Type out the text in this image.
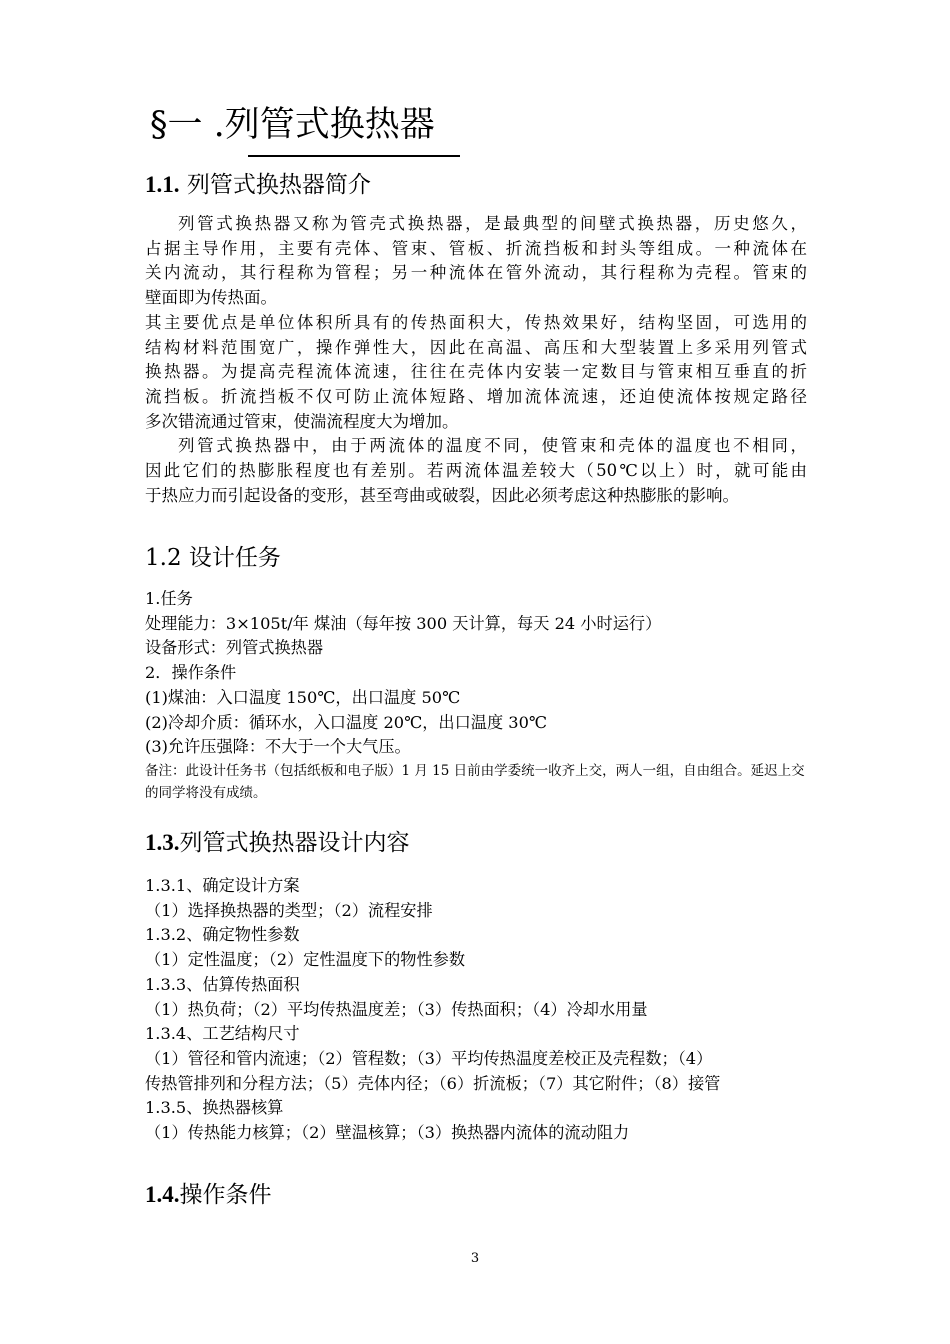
§一 .列管式换热器
1.1. 列管式换热器简介

列管式换热器又称为管壳式换热器，是最典型的间壁式换热器，历史悠久，

占据主导作用，主要有壳体、管束、管板、折流挡板和封头等组成。一种流体在

关内流动，其行程称为管程；另一种流体在管外流动，其行程称为壳程。管束的

壁面即为传热面。

其主要优点是单位体积所具有的传热面积大，传热效果好，结构坚固，可选用的

结构材料范围宽广，操作弹性大，因此在高温、高压和大型装置上多采用列管式

换热器。为提高壳程流体流速，往往在壳体内安装一定数目与管束相互垂直的折

流挡板。折流挡板不仅可防止流体短路、增加流体流速，还迫使流体按规定路径

多次错流通过管束，使湍流程度大为增加。

列管式换热器中，由于两流体的温度不同，使管束和壳体的温度也不相同，

因此它们的热膨胀程度也有差别。若两流体温差较大（50℃以上）时，就可能由

于热应力而引起设备的变形，甚至弯曲或破裂，因此必须考虑这种热膨胀的影响。

1.2 设计任务
1.任务
处理能力：3×105t/年 煤油（每年按 300 天计算，每天 24 小时运行）
设备形式：列管式换热器
2．操作条件
(1)煤油：入口温度 150℃，出口温度 50℃
(2)冷却介质：循环水，入口温度 20℃，出口温度 30℃
(3)允许压强降：不大于一个大气压。
备注：此设计任务书（包括纸板和电子版）1 月 15 日前由学委统一收齐上交，两人一组，自由组合。延迟上交的同学将没有成绩。
1.3.列管式换热器设计内容
1.3.1、确定设计方案
（1）选择换热器的类型；（2）流程安排
1.3.2、确定物性参数
（1）定性温度；（2）定性温度下的物性参数
1.3.3、估算传热面积
（1）热负荷；（2）平均传热温度差；（3）传热面积；（4）冷却水用量
1.3.4、工艺结构尺寸
（1）管径和管内流速；（2）管程数；（3）平均传热温度差校正及壳程数；（4）
传热管排列和分程方法；（5）壳体内径；（6）折流板；（7）其它附件；（8）接管
1.3.5、换热器核算
（1）传热能力核算；（2）壁温核算；（3）换热器内流体的流动阻力
1.4.操作条件
3
